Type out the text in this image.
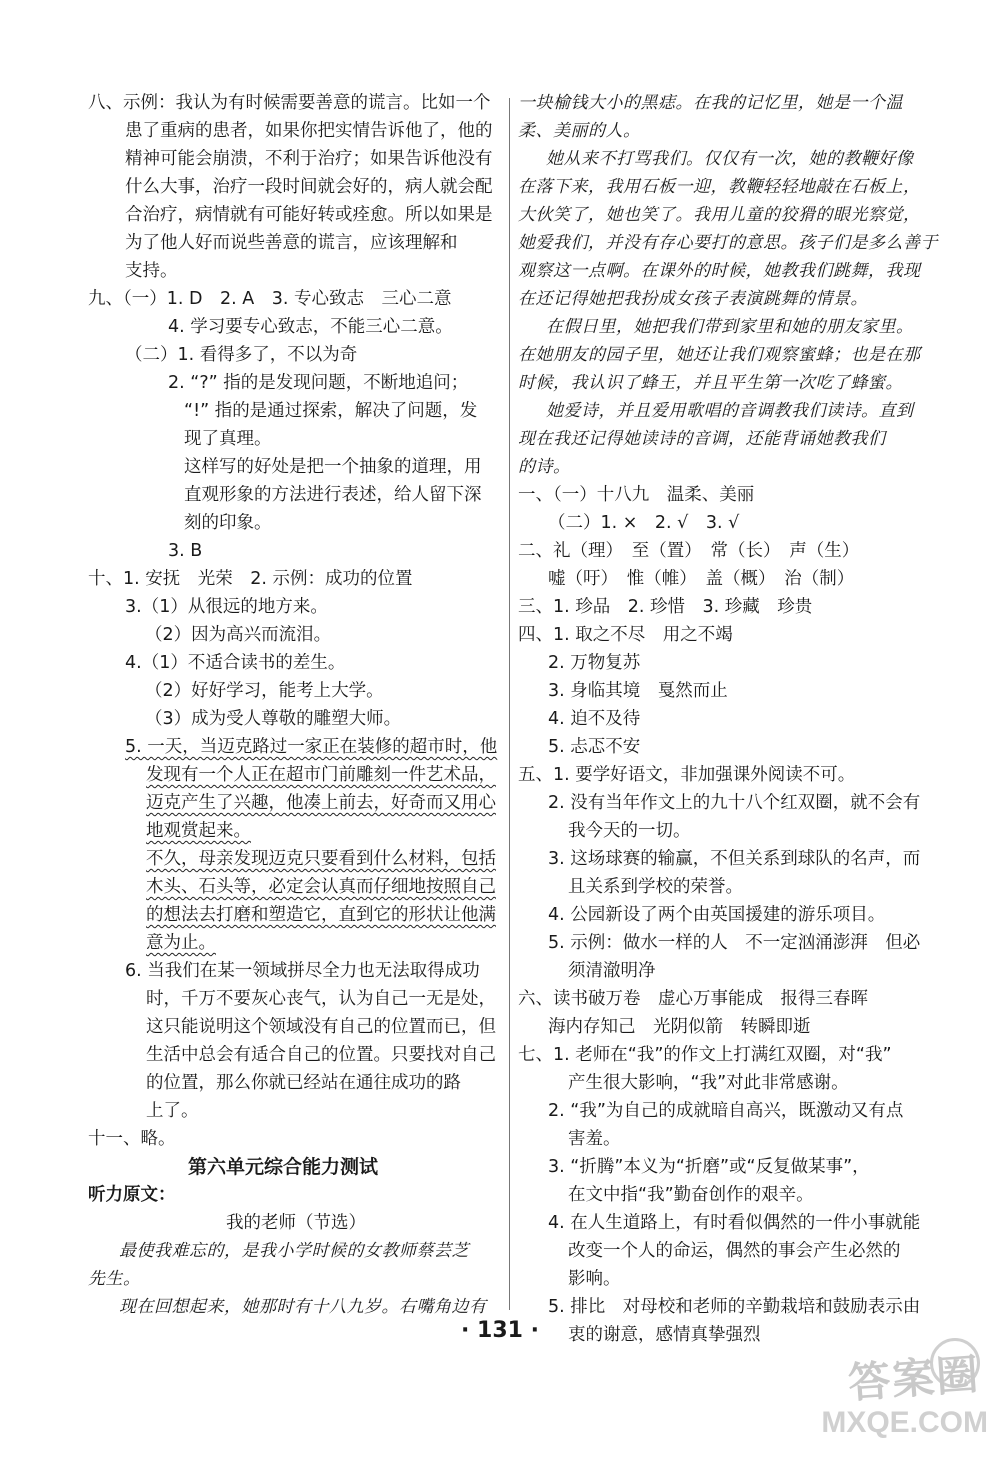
八、示例：我认为有时候需要善意的谎言。比如一个
患了重病的患者，如果你把实情告诉他了，他的
精神可能会崩溃，不利于治疗；如果告诉他没有
什么大事，治疗一段时间就会好的，病人就会配
合治疗，病情就有可能好转或痊愈。所以如果是
为了他人好而说些善意的谎言，应该理解和
支持。
九、（一）1. D　2. A　3. 专心致志　三心二意
4. 学习要专心致志，不能三心二意。
（二）1. 看得多了，不以为奇
2. “?” 指的是发现问题，不断地追问；
“!” 指的是通过探索，解决了问题，发
现了真理。
这样写的好处是把一个抽象的道理，用
直观形象的方法进行表述，给人留下深
刻的印象。
3. B
十、1. 安抚　光荣　2. 示例：成功的位置
3.（1）从很远的地方来。
（2）因为高兴而流泪。
4.（1）不适合读书的差生。
（2）好好学习，能考上大学。
（3）成为受人尊敬的雕塑大师。
5. 一天，当迈克路过一家正在装修的超市时，他
发现有一个人正在超市门前雕刻一件艺术品，
迈克产生了兴趣，他凑上前去，好奇而又用心
地观赏起来。
不久，母亲发现迈克只要看到什么材料，包括
木头、石头等，必定会认真而仔细地按照自己
的想法去打磨和塑造它，直到它的形状让他满
意为止。
6. 当我们在某一领域拼尽全力也无法取得成功
时，千万不要灰心丧气，认为自己一无是处，
这只能说明这个领域没有自己的位置而已，但
生活中总会有适合自己的位置。只要找对自己
的位置，那么你就已经站在通往成功的路
上了。
十一、略。
第六单元综合能力测试
听力原文：
我的老师（节选）
最使我难忘的，是我小学时候的女教师蔡芸芝
先生。
现在回想起来，她那时有十八九岁。右嘴角边有
一块榆钱大小的黑痣。在我的记忆里，她是一个温
柔、美丽的人。
她从来不打骂我们。仅仅有一次，她的教鞭好像
在落下来，我用石板一迎，教鞭轻轻地敲在石板上，
大伙笑了，她也笑了。我用儿童的狡猾的眼光察觉，
她爱我们，并没有存心要打的意思。孩子们是多么善于
观察这一点啊。在课外的时候，她教我们跳舞，我现
在还记得她把我扮成女孩子表演跳舞的情景。
在假日里，她把我们带到家里和她的朋友家里。
在她朋友的园子里，她还让我们观察蜜蜂；也是在那
时候，我认识了蜂王，并且平生第一次吃了蜂蜜。
她爱诗，并且爱用歌唱的音调教我们读诗。直到
现在我还记得她读诗的音调，还能背诵她教我们
的诗。
一、（一）十八九　温柔、美丽
（二）1. ×　2. √　3. √
二、礼（理）　至（置）　常（长）　声（生）
嘘（吁）　惟（帷）　盖（概）　治（制）
三、1. 珍品　2. 珍惜　3. 珍藏　珍贵
四、1. 取之不尽　用之不竭
2. 万物复苏
3. 身临其境　戛然而止
4. 迫不及待
5. 忐忑不安
五、1. 要学好语文，非加强课外阅读不可。
2. 没有当年作文上的九十八个红双圈，就不会有
我今天的一切。
3. 这场球赛的输赢，不但关系到球队的名声，而
且关系到学校的荣誉。
4. 公园新设了两个由英国援建的游乐项目。
5. 示例：做水一样的人　不一定汹涌澎湃　但必
须清澈明净
六、读书破万卷　虚心万事能成　报得三春晖
海内存知己　光阴似箭　转瞬即逝
七、1. 老师在“我”的作文上打满红双圈，对“我”
产生很大影响，“我”对此非常感谢。
2. “我”为自己的成就暗自高兴，既激动又有点
害羞。
3. “折腾”本义为“折磨”或“反复做某事”，
在文中指“我”勤奋创作的艰辛。
4. 在人生道路上，有时看似偶然的一件小事就能
改变一个人的命运，偶然的事会产生必然的
影响。
5. 排比　对母校和老师的辛勤栽培和鼓励表示由
衷的谢意，感情真挚强烈
· 131 ·
答案圈
MXQE.COM
